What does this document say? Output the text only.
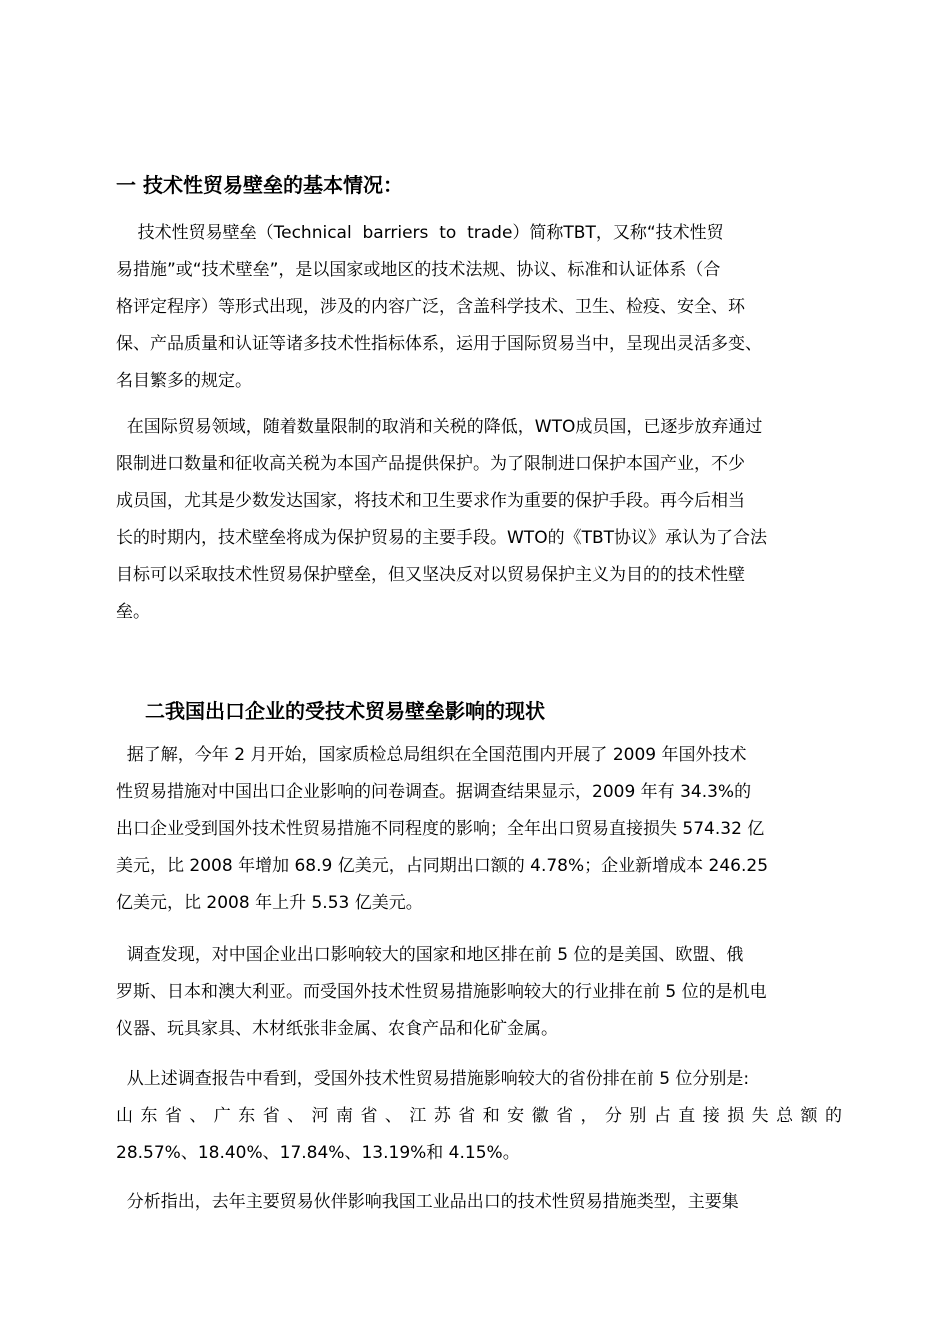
一 技术性贸易壁垒的基本情况：

技术性贸易壁垒（Technical  barriers  to  trade）简称TBT，又称“技术性贸
易措施”或“技术壁垒”，是以国家或地区的技术法规、协议、标准和认证体系（合
格评定程序）等形式出现，涉及的内容广泛，含盖科学技术、卫生、检疫、安全、环
保、产品质量和认证等诸多技术性指标体系，运用于国际贸易当中，呈现出灵活多变、
名目繁多的规定。

在国际贸易领域，随着数量限制的取消和关税的降低，WTO成员国，已逐步放弃通过
限制进口数量和征收高关税为本国产品提供保护。为了限制进口保护本国产业，不少
成员国，尤其是少数发达国家，将技术和卫生要求作为重要的保护手段。再今后相当
长的时期内，技术壁垒将成为保护贸易的主要手段。WTO的《TBT协议》承认为了合法
目标可以采取技术性贸易保护壁垒，但又坚决反对以贸易保护主义为目的的技术性壁
垒。

二我国出口企业的受技术贸易壁垒影响的现状

据了解，今年 2 月开始，国家质检总局组织在全国范围内开展了 2009 年国外技术
性贸易措施对中国出口企业影响的问卷调查。据调查结果显示，2009 年有 34.3%的
出口企业受到国外技术性贸易措施不同程度的影响；全年出口贸易直接损失 574.32 亿
美元，比 2008 年增加 68.9 亿美元，占同期出口额的 4.78%；企业新增成本 246.25
亿美元，比 2008 年上升 5.53 亿美元。

调查发现，对中国企业出口影响较大的国家和地区排在前 5 位的是美国、欧盟、俄
罗斯、日本和澳大利亚。而受国外技术性贸易措施影响较大的行业排在前 5 位的是机电
仪器、玩具家具、木材纸张非金属、农食产品和化矿金属。

从上述调查报告中看到，受国外技术性贸易措施影响较大的省份排在前 5 位分别是:
山 东 省 、 广 东 省 、 河 南 省 、 江 苏 省 和 安 徽 省 ， 分 别 占 直 接 损 失 总 额 的
28.57%、18.40%、17.84%、13.19%和 4.15%。

分析指出，去年主要贸易伙伴影响我国工业品出口的技术性贸易措施类型，主要集
